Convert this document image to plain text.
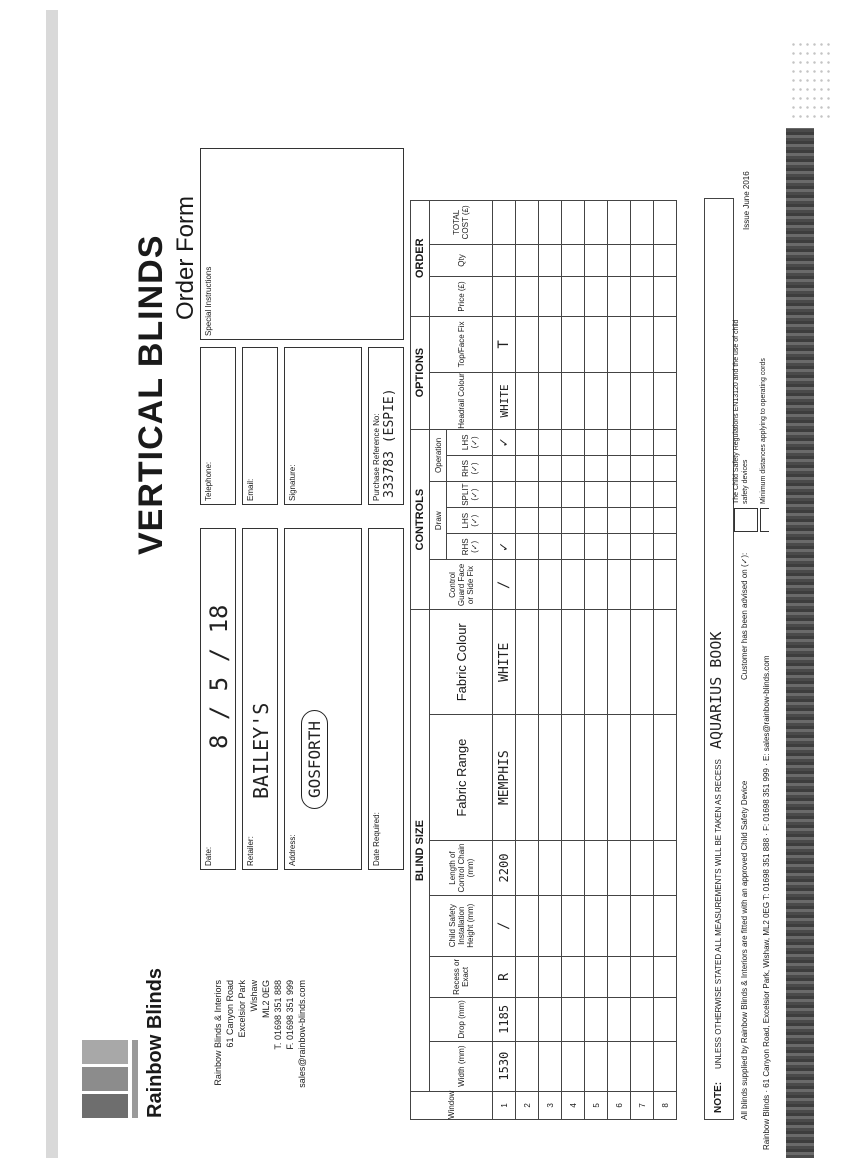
Rainbow Blinds	Rainbow Blinds & Interiors 61 Canyon Road Excelsior Park Wishaw ML2 0EG T. 01698 351 888 F. 01698 351 999 sales@rainbow-blinds.com
Date:
8 / 5 / 18
Retailer:
BAILEY'S
Address:
GOSFORTH
Date Required:
Telephone:	Email:	Signature:	Purchase Reference No: 333783 (ESPIE)
Special Instructions
VERTICAL BLINDS Order Form
Window	BLIND SIZE							CONTROLS						OPTIONS		ORDER		
	Width (mm)	Drop (mm)	Recess or Exact	Child Safety Installation Height (mm)	Length of Control Chain (mm)	Fabric Range	Fabric Colour	Control Guard Face or Side Fix	Draw			Operation		Headrail Colour	Top/Face Fix	Price (£)	Qty	TOTAL COST (£)
									RHS (✓)	LHS (✓)	SPLIT (✓)	RHS (✓)	LHS (✓)					
1	1530	1185	R	/	2200	MEMPHIS	WHITE	/	✓				✓	WHITE	T			
2																		
3																		
4																		
5																		
6																		
7																		
8																			NOTE:
UNLESS OTHERWISE STATED ALL MEASUREMENTS WILL BE TAKEN AS RECESS
AQUARIUS BOOK
All blinds supplied by Rainbow Blinds & Interiors are fitted with an approved Child Safety Device
Customer has been advised on (✓):
The Child Safety Regulations EN13120 and the use of child safety devices Minimum distances applying to operating cords
Issue June 2016
Rainbow Blinds · 61 Canyon Road, Excelsior Park, Wishaw, ML2 0EG T: 01698 351 888 · F: 01698 351 999 · E: sales@rainbow-blinds.com
